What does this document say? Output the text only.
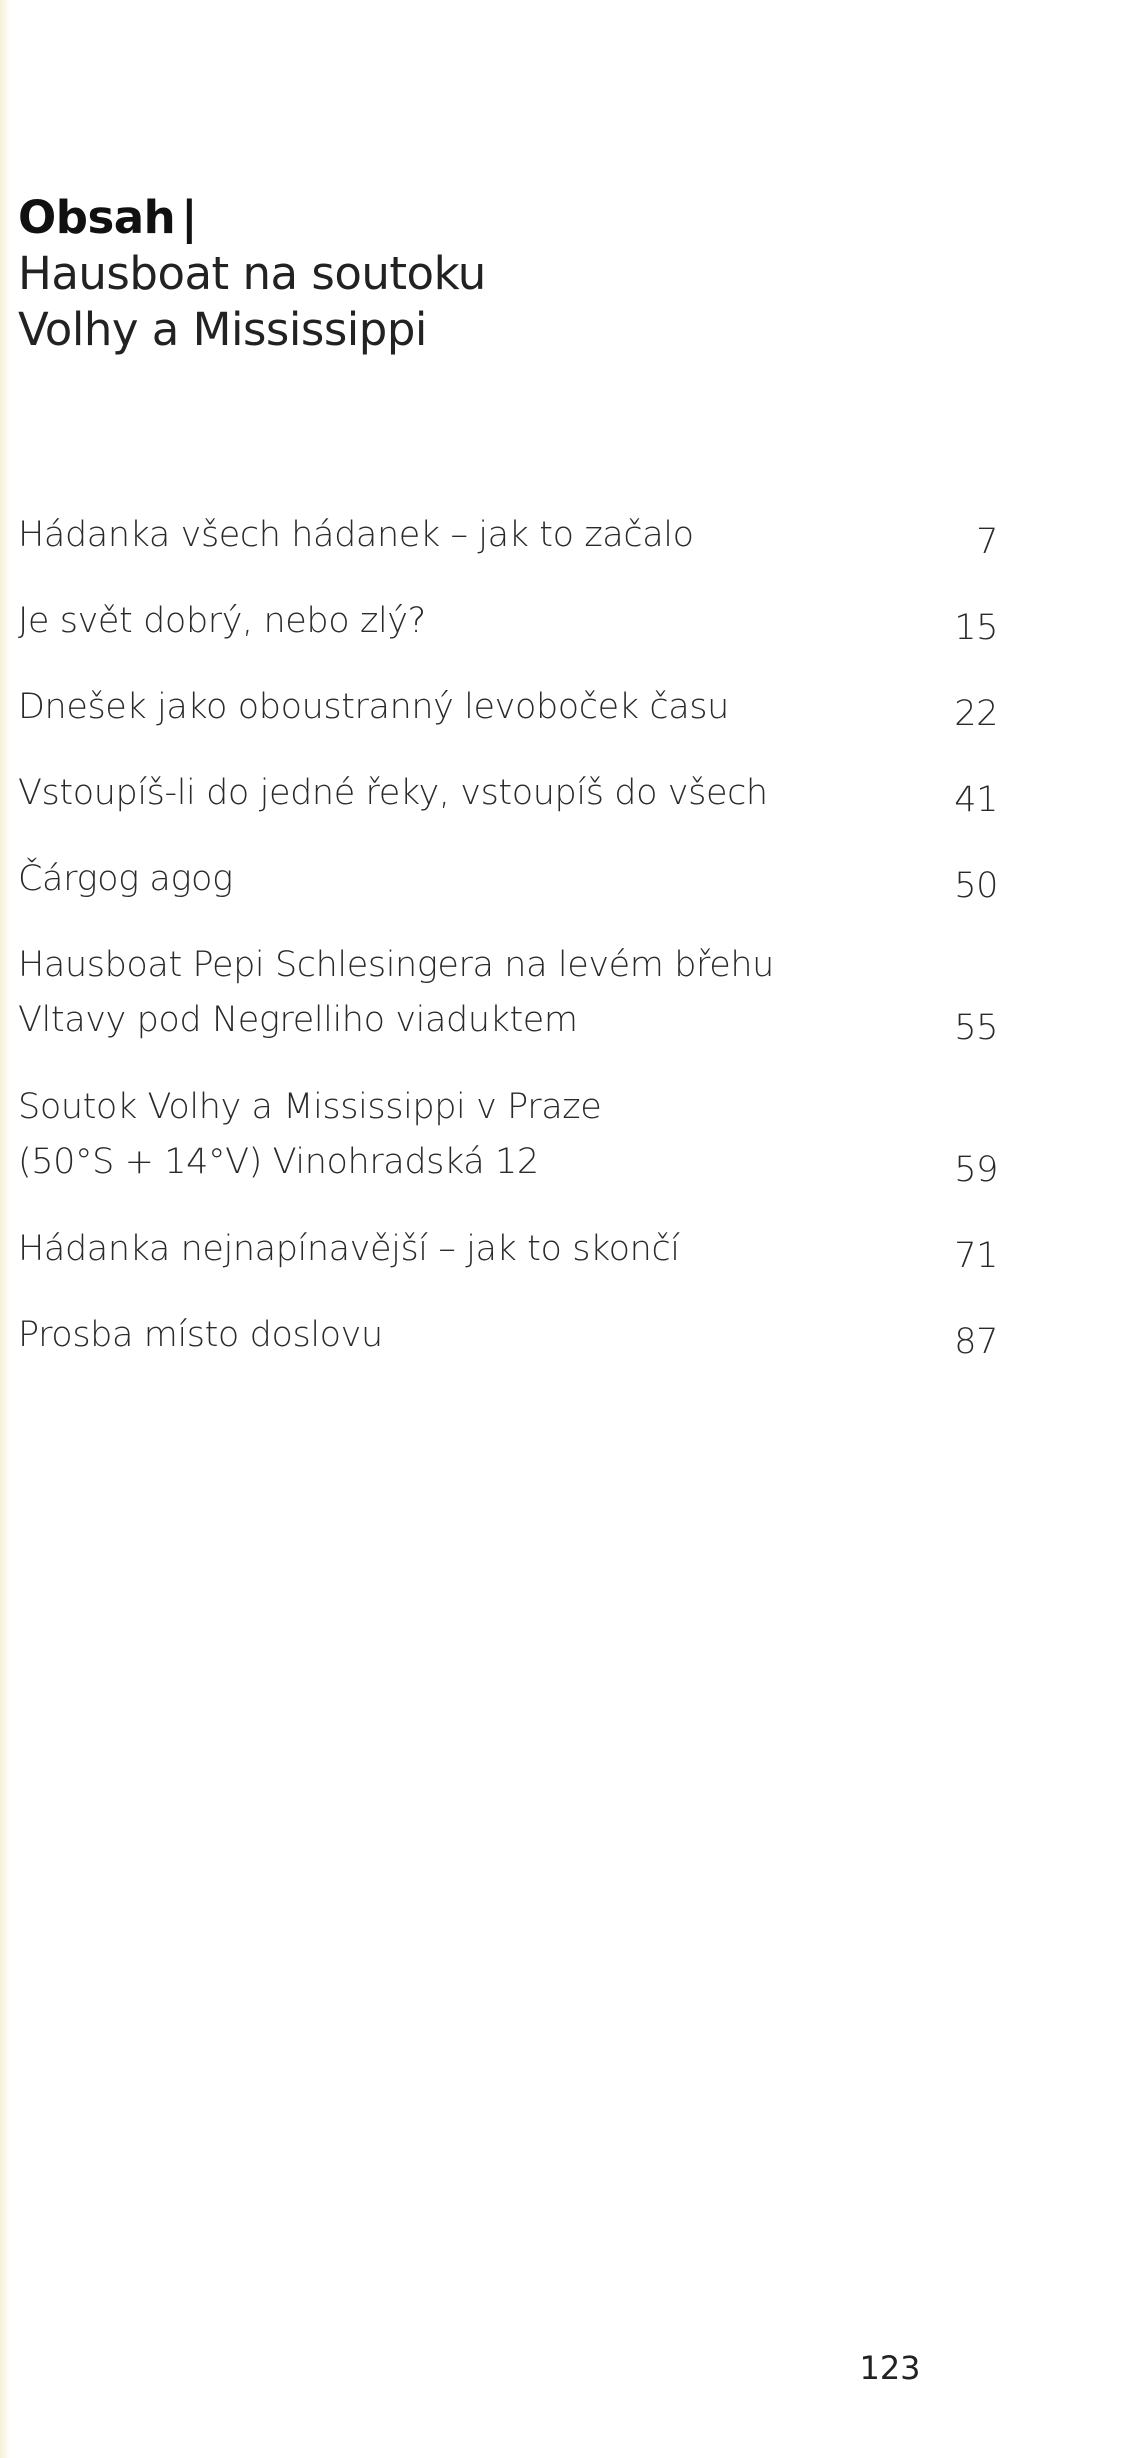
Obsah |
Hausboat na soutoku
Volhy a Mississippi
Hádanka všech hádanek – jak to začalo	7
Je svět dobrý, nebo zlý?	15
Dnešek jako oboustranný levoboček času	22
Vstoupíš-li do jedné řeky, vstoupíš do všech	41
Čárgog agog	50
Hausboat Pepi Schlesingera na levém břehu
Vltavy pod Negrelliho viaduktem	55
Soutok Volhy a Mississippi v Praze
(50°S + 14°V) Vinohradská 12	59
Hádanka nejnapínavější – jak to skončí	71
Prosba místo doslovu	87
123
